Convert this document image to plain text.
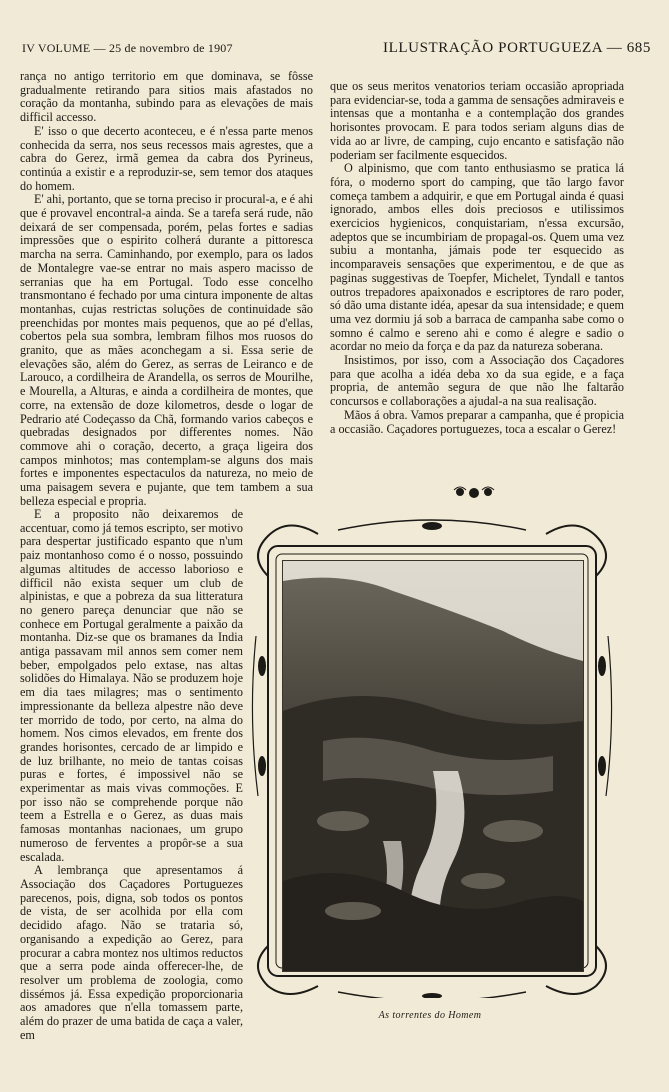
IV VOLUME — 25 de novembro de 1907	ILLUSTRAÇÃO PORTUGUEZA — 685

rança no antigo territorio em que dominava, se fôsse gradualmente retirando para sitios mais afastados no coração da montanha, subindo para as elevações de mais difficil accesso.

E' isso o que decerto aconteceu, e é n'essa parte menos conhecida da serra, nos seus recessos mais agrestes, que a cabra do Gerez, irmã gemea da cabra dos Pyrineus, continúa a existir e a reproduzir-se, sem temor dos ataques do homem.

E' ahi, portanto, que se torna preciso ir procural-a, e é ahi que é provavel encontral-a ainda. Se a tarefa será rude, não deixará de ser compensada, porém, pelas fortes e sadias impressões que o espirito colherá durante a pittoresca marcha na serra. Caminhando, por exemplo, para os lados de Montalegre vae-se entrar no mais aspero macisso de serranias que ha em Portugal. Todo esse concelho transmontano é fechado por uma cintura imponente de altas montanhas, cujas restrictas soluções de continuidade são preenchidas por montes mais pequenos, que ao pé d'ellas, cobertos pela sua sombra, lembram filhos mos ruosos do granito, que as mães aconchegam a si. Essa serie de elevações são, além do Gerez, as serras de Leiranco e de Larouco, a cordilheira de Arandella, os serros de Mourilhe, e Mourella, a Alturas, e ainda a cordilheira de montes, que corre, na extensão de doze kilometros, desde o logar de Pedrario até Codeçasso da Chã, formando varios cabeços e quebradas designados por differentes nomes. Não commove ahi o coração, decerto, a graça ligeira dos campos minhotos; mas contemplam-se alguns dos mais fortes e imponentes espectaculos da natureza, no meio de uma paisagem severa e pujante, que tem tambem a sua belleza especial e propria.

E a proposito não deixaremos de accentuar, como já temos escripto, ser motivo para despertar justificado espanto que n'um paiz montanhoso como é o nosso, possuindo algumas altitudes de accesso laborioso e difficil não exista sequer um club de alpinistas, e que a pobreza da sua litteratura no genero pareça denunciar que não se conhece em Portugal geralmente a paixão da montanha. Diz-se que os bramanes da India antiga passavam mil annos sem comer nem beber, empolgados pelo extase, nas altas solidões do Himalaya. Não se produzem hoje em dia taes milagres; mas o sentimento impressionante da belleza alpestre não deve ter morrido de todo, por certo, na alma do homem. Nos cimos elevados, em frente dos grandes horisontes, cercado de ar limpido e de luz brilhante, no meio de tantas coisas puras e fortes, é impossivel não se experimentar as mais vivas commoções. E por isso não se comprehende porque não teem a Estrella e o Gerez, as duas mais famosas montanhas nacionaes, um grupo numeroso de ferventes a propôr-se a sua escalada.

A lembrança que apresentamos á Associação dos Caçadores Portuguezes parecenos, pois, digna, sob todos os pontos de vista, de ser acolhida por ella com decidido afago. Não se trataria só, organisando a expedição ao Gerez, para procurar a cabra montez nos ultimos reductos que a serra pode ainda offerecer-lhe, de resolver um problema de zoologia, como dissémos já. Essa expedição proporcionaria aos amadores que n'ella tomassem parte, além do prazer de uma batida de caça a valer, em

que os seus meritos venatorios teriam occasião apropriada para evidenciar-se, toda a gamma de sensações admiraveis e intensas que a montanha e a contemplação dos grandes horisontes provocam. E para todos seriam alguns dias de vida ao ar livre, de camping, cujo encanto e satisfação não poderiam ser facilmente esquecidos.

O alpinismo, que com tanto enthusiasmo se pratica lá fóra, o moderno sport do camping, que tão largo favor começa tambem a adquirir, e que em Portugal ainda é quasi ignorado, ambos elles dois preciosos e utilissimos exercicios hygienicos, conquistariam, n'essa excursão, adeptos que se incumbiriam de propagal-os. Quem uma vez subiu a montanha, jámais pode ter esquecido as incomparaveis sensações que experimentou, e de que as paginas suggestivas de Toepfer, Michelet, Tyndall e tantos outros trepadores apaixonados e escriptores de raro poder, só dão uma distante idéa, apesar da sua intensidade; e quem uma vez dormiu já sob a barraca de campanha sabe como o somno é calmo e sereno ahi e como é alegre e sadio o acordar no meio da força e da paz da natureza soberana.

Insistimos, por isso, com a Associação dos Caçadores para que acolha a idéa deba xo da sua egide, e a faça propria, de antemão segura de que não lhe faltarão concursos e collaborações a ajudal-a na sua realisação.

Mãos á obra. Vamos preparar a campanha, que é propicia a occasião. Caçadores portuguezes, toca a escalar o Gerez!

As torrentes do Homem
